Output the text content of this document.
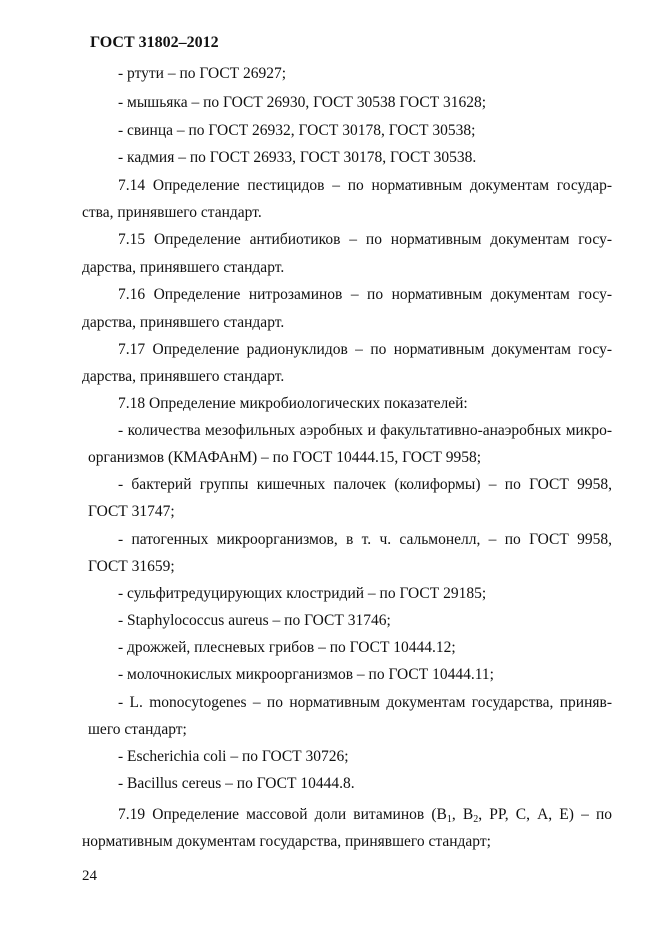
ГОСТ 31802–2012
- ртути – по ГОСТ 26927;
- мышьяка – по ГОСТ 26930, ГОСТ 30538 ГОСТ 31628;
- свинца – по ГОСТ 26932, ГОСТ 30178, ГОСТ 30538;
- кадмия – по ГОСТ 26933, ГОСТ 30178, ГОСТ 30538.
7.14 Определение пестицидов – по нормативным документам государ-
ства, принявшего стандарт.
7.15 Определение антибиотиков – по нормативным документам госу-
дарства, принявшего стандарт.
7.16 Определение нитрозаминов – по нормативным документам госу-
дарства, принявшего стандарт.
7.17 Определение радионуклидов – по нормативным документам госу-
дарства, принявшего стандарт.
7.18 Определение микробиологических показателей:
- количества мезофильных аэробных и факультативно-анаэробных микро-
организмов (КМАФАнМ) – по ГОСТ 10444.15, ГОСТ 9958;
- бактерий группы кишечных палочек (колиформы) – по ГОСТ 9958,
ГОСТ 31747;
- патогенных микроорганизмов, в т. ч. сальмонелл, – по ГОСТ 9958,
ГОСТ 31659;
- сульфитредуцирующих клостридий – по ГОСТ 29185;
- Staphylococcus aureus – по ГОСТ 31746;
- дрожжей, плесневых грибов – по ГОСТ 10444.12;
- молочнокислых микроорганизмов – по ГОСТ 10444.11;
- L. monocytogenes – по нормативным документам государства, приняв-
шего стандарт;
- Escherichia coli – по ГОСТ 30726;
- Bacillus cereus – по ГОСТ 10444.8.
7.19 Определение массовой доли витаминов ($В_1$, $В_2$, PP, С, А, Е) – по
нормативным документам государства, принявшего стандарт;
24
